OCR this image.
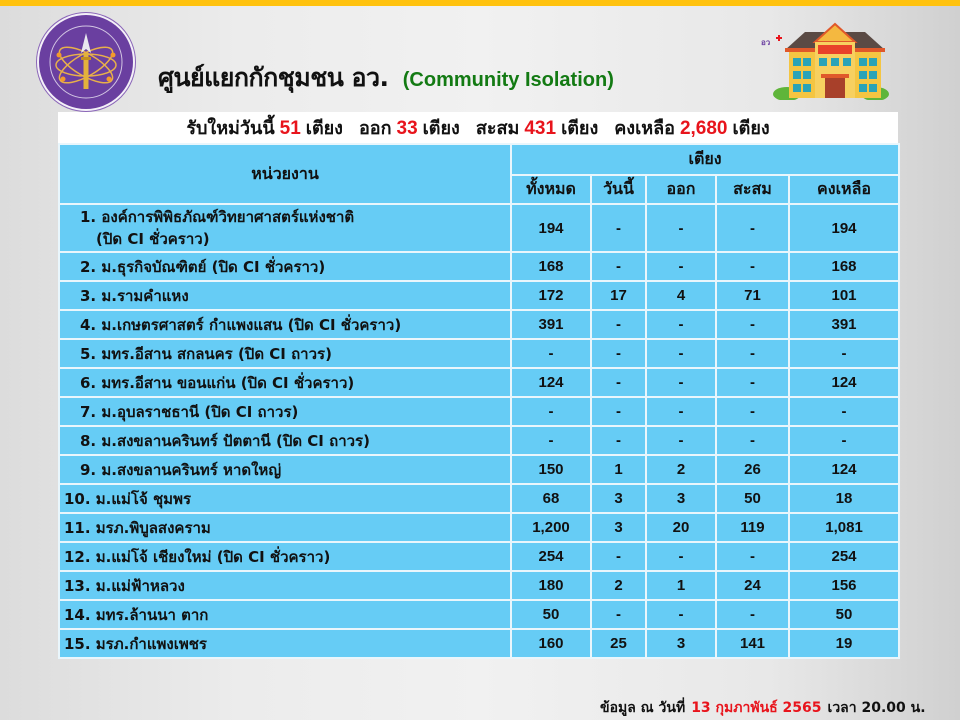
ศูนย์แยกกักชุมชน อว. (Community Isolation)
อว
รับใหม่วันนี้ 51 เตียง ออก 33 เตียง สะสม 431 เตียง คงเหลือ 2,680 เตียง
หน่วยงาน	เตียง				
	ทั้งหมด	วันนี้	ออก	สะสม	คงเหลือ

1. องค์การพิพิธภัณฑ์วิทยาศาสตร์แห่งชาติ
(ปิด CI ชั่วคราว)	194	-	-	-	194
2. ม.ธุรกิจบัณฑิตย์ (ปิด CI ชั่วคราว)	168	-	-	-	168
3. ม.รามคำแหง	172	17	4	71	101
4. ม.เกษตรศาสตร์ กำแพงแสน (ปิด CI ชั่วคราว)	391	-	-	-	391
5. มทร.อีสาน สกลนคร (ปิด CI ถาวร)	-	-	-	-	-
6. มทร.อีสาน ขอนแก่น (ปิด CI ชั่วคราว)	124	-	-	-	124
7. ม.อุบลราชธานี (ปิด CI ถาวร)	-	-	-	-	-
8. ม.สงขลานครินทร์ ปัตตานี (ปิด CI ถาวร)	-	-	-	-	-
9. ม.สงขลานครินทร์ หาดใหญ่	150	1	2	26	124
10. ม.แม่โจ้ ชุมพร	68	3	3	50	18
11. มรภ.พิบูลสงคราม	1,200	3	20	119	1,081
12. ม.แม่โจ้ เชียงใหม่ (ปิด CI ชั่วคราว)	254	-	-	-	254
13. ม.แม่ฟ้าหลวง	180	2	1	24	156
14. มทร.ล้านนา ตาก	50	-	-	-	50
15. มรภ.กำแพงเพชร	160	25	3	141	19
ข้อมูล ณ วันที่ 13 กุมภาพันธ์ 2565 เวลา 20.00 น.
